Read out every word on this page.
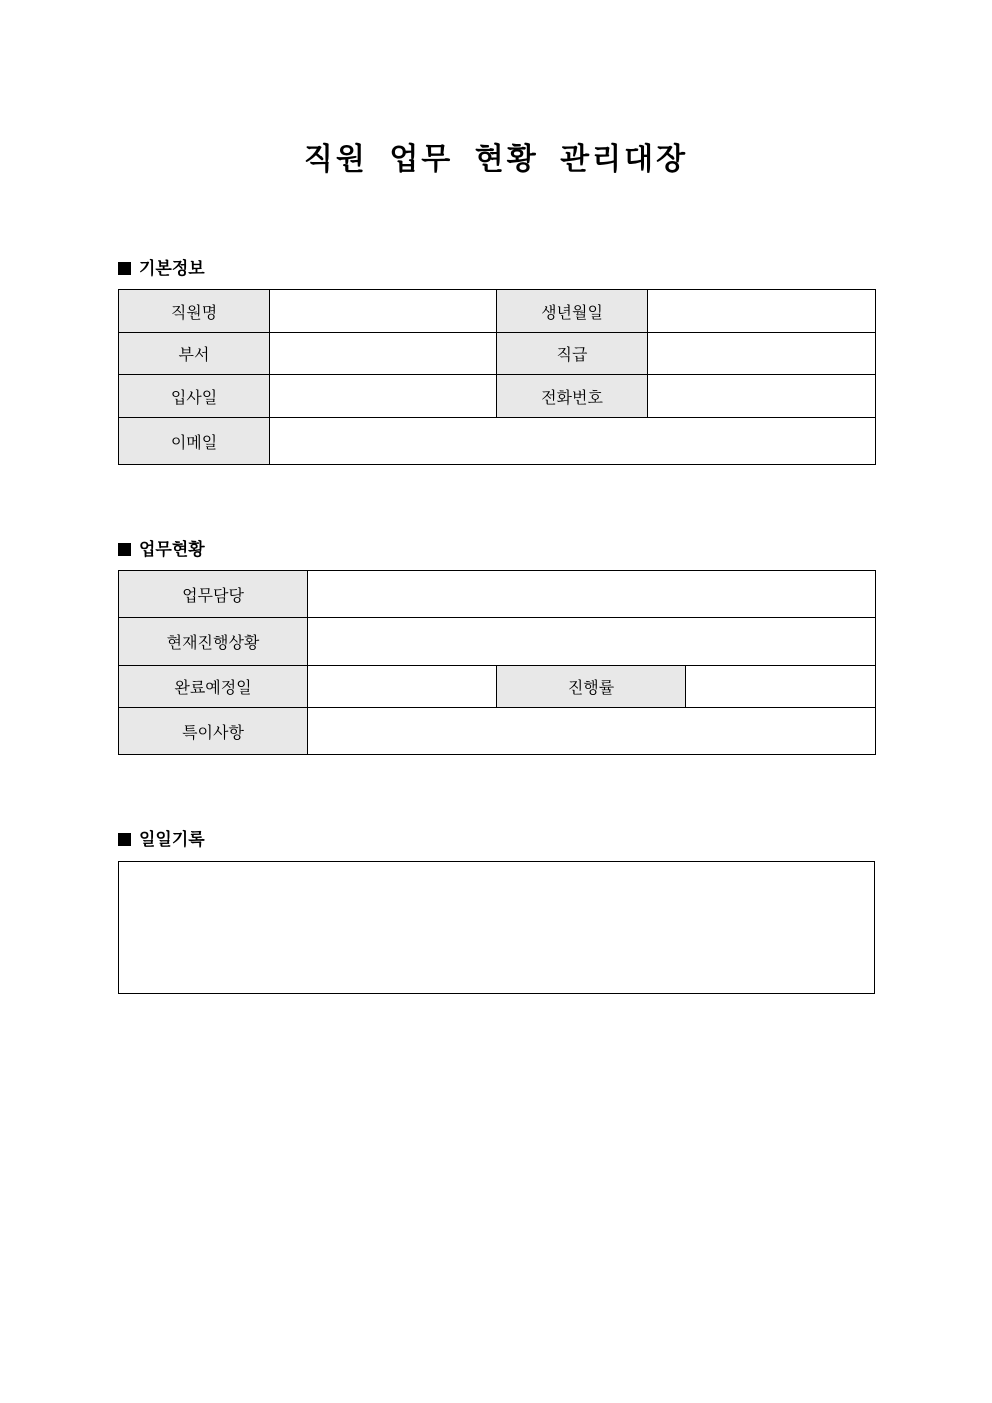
직원 업무 현황 관리대장
기본정보
직원명		생년월일	
부서		직급	
입사일		전화번호	
이메일			
업무현황
업무담당			
현재진행상황			
완료예정일		진행률	
특이사항			
일일기록
